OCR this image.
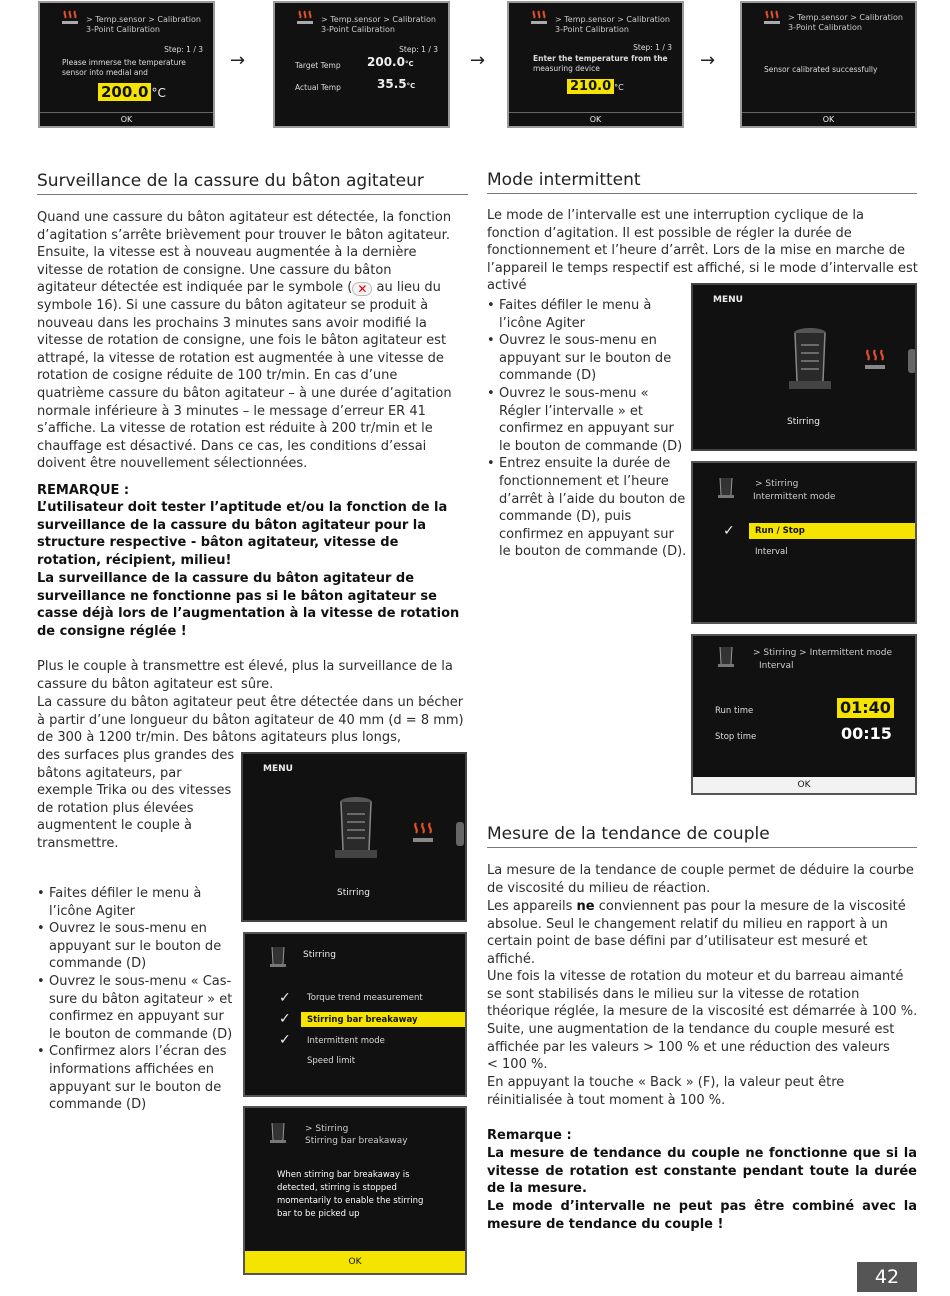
> Temp.sensor > Calibration
3-Point Calibration
Step: 1 / 3
Please immerse the temperature
sensor into medial and
200.0 °C
OK
→
> Temp.sensor > Calibration
3-Point Calibration
Step: 1 / 3
Target Temp 200.0°C
Actual Temp	35.5°C
→
> Temp.sensor > Calibration
3-Point Calibration
Step: 1 / 3
Enter the temperature from the
measuring device
210.0 °C
OK
→
> Temp.sensor > Calibration
3-Point Calibration
Sensor calibrated successfully
OK
Surveillance de la cassure du bâton agitateur
Quand une cassure du bâton agitateur est détectée, la fonction d’agitation s’arrête brièvement pour trouver le bâton agitateur. Ensuite, la vitesse est à nouveau augmentée à la dernière vitesse de rotation de consigne. Une cassure du bâton agitateur détectée est indiquée par le symbole ( ✕ au lieu du symbole 16). Si une cassure du bâton agitateur se produit à nouveau dans les prochains 3 minutes sans avoir modifié la vitesse de rotation de consigne, une fois le bâton agitateur est attrapé, la vitesse de rotation est augmentée à une vitesse de rotation de cosigne réduite de 100 tr/min. En cas d’une quatrième cassure du bâton agitateur – à une durée d’agitation normale inférieure à 3 minutes – le message d’erreur ER 41 s’affiche. La vitesse de rotation est réduite à 200 tr/min et le chauffage est désactivé. Dans ce cas, les conditions d’essai doivent être nouvellement sélectionnées.
REMARQUE :
L’utilisateur doit tester l’aptitude et/ou la fonction de la surveillance de la cassure du bâton agitateur pour la structure respective - bâton agitateur, vitesse de rotation, récipient, milieu!
La surveillance de la cassure du bâton agitateur de surveillance ne fonctionne pas si le bâton agitateur se casse déjà lors de l’augmentation à la vitesse de rotation de consigne réglée !
Plus le couple à transmettre est élevé, plus la surveillance de la cassure du bâton agitateur est sûre.
La cassure du bâton agitateur peut être détectée dans un bécher à partir d’une longueur du bâton agitateur de 40 mm (d = 8 mm) de 300 à 1200 tr/min. Des bâtons agitateurs plus longs,
des surfaces plus grandes des bâtons agitateurs, par exemple Trika ou des vitesses de rotation plus élevées augmentent le couple à transmettre.
• Faites défiler le menu à l’icône Agiter
• Ouvrez le sous-menu en appuyant sur le bouton de commande (D)
• Ouvrez le sous-menu « Cas-sure du bâton agitateur » et confirmez en appuyant sur le bouton de commande (D)
• Confirmez alors l’écran des informations affichées en appuyant sur le bouton de commande (D)
MENU
Stirring
Stirring
✓ Torque trend measurement
✓ Stirring bar breakaway
✓ Intermittent mode
Speed limit
> Stirring
Stirring bar breakaway
When stirring bar breakaway is
detected, stirring is stopped
momentarily to enable the stirring
bar to be picked up
OK
Mode intermittent
Le mode de l’intervalle est une interruption cyclique de la fonction d’agitation. Il est possible de régler la durée de fonctionnement et l’heure d’arrêt. Lors de la mise en marche de l’appareil le temps respectif est affiché, si le mode d’intervalle est activé
• Faites défiler le menu à l’icône Agiter
• Ouvrez le sous-menu en appuyant sur le bouton de commande (D)
• Ouvrez le sous-menu « Régler l’intervalle » et confirmez en appuyant sur le bouton de commande (D)
• Entrez ensuite la durée de fonctionnement et l’heure d’arrêt à l’aide du bouton de commande (D), puis confirmez en appuyant sur le bouton de commande (D).
MENU
Stirring
> Stirring
Intermittent mode
✓ Run / Stop
Interval
> Stirring > Intermittent mode
Interval
Run time	01:40
Stop time	00:15
OK
Mesure de la tendance de couple
La mesure de la tendance de couple permet de déduire la courbe de viscosité du milieu de réaction.
Les appareils ne conviennent pas pour la mesure de la viscosité absolue. Seul le changement relatif du milieu en rapport à un certain point de base défini par d’utilisateur est mesuré et affiché.
Une fois la vitesse de rotation du moteur et du barreau aimanté se sont stabilisés dans le milieu sur la vitesse de rotation théorique réglée, la mesure de la viscosité est démarrée à 100 %.
Suite, une augmentation de la tendance du couple mesuré est affichée par les valeurs > 100 % et une réduction des valeurs < 100 %.
En appuyant la touche « Back » (F), la valeur peut être réinitialisée à tout moment à 100 %.
Remarque :
La mesure de tendance du couple ne fonctionne que si la vitesse de rotation est constante pendant toute la durée de la mesure.
Le mode d’intervalle ne peut pas être combiné avec la mesure de tendance du couple !
42
